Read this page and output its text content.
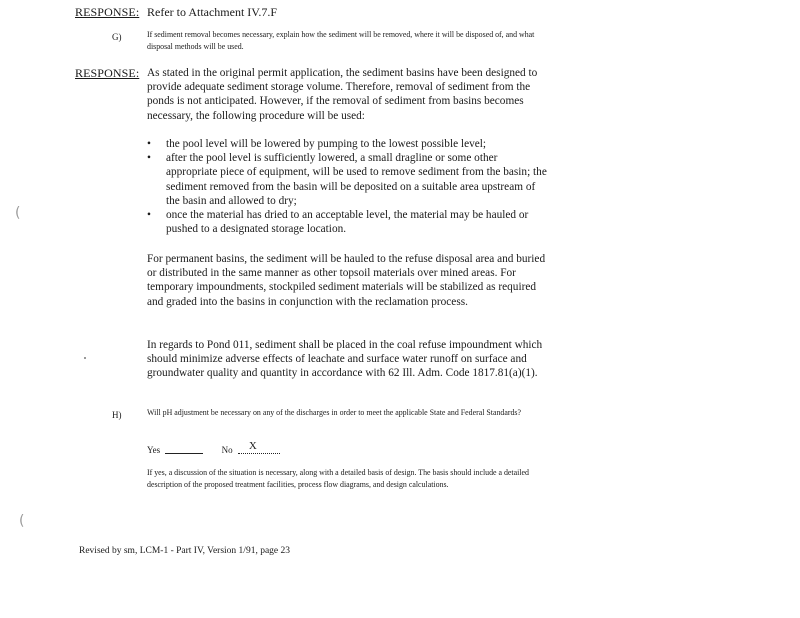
RESPONSE: Refer to Attachment IV.7.F
G)	If sediment removal becomes necessary, explain how the sediment will be removed, where it will be disposed of, and what disposal methods will be used.
RESPONSE: As stated in the original permit application, the sediment basins have been designed to provide adequate sediment storage volume. Therefore, removal of sediment from the ponds is not anticipated. However, if the removal of sediment from basins becomes necessary, the following procedure will be used:
• the pool level will be lowered by pumping to the lowest possible level;
• after the pool level is sufficiently lowered, a small dragline or some other appropriate piece of equipment, will be used to remove sediment from the basin; the sediment removed from the basin will be deposited on a suitable area upstream of the basin and allowed to dry;
• once the material has dried to an acceptable level, the material may be hauled or pushed to a designated storage location.
For permanent basins, the sediment will be hauled to the refuse disposal area and buried or distributed in the same manner as other topsoil materials over mined areas. For temporary impoundments, stockpiled sediment materials will be stabilized as required and graded into the basins in conjunction with the reclamation process.
In regards to Pond 011, sediment shall be placed in the coal refuse impoundment which should minimize adverse effects of leachate and surface water runoff on surface and groundwater quality and quantity in accordance with 62 Ill. Adm. Code 1817.81(a)(1).
H)	Will pH adjustment be necessary on any of the discharges in order to meet the applicable State and Federal Standards?
Yes	No X
If yes, a discussion of the situation is necessary, along with a detailed basis of design. The basis should include a detailed description of the proposed treatment facilities, process flow diagrams, and design calculations.
Revised by sm, LCM-1 - Part IV, Version 1/91, page 23
(
(
